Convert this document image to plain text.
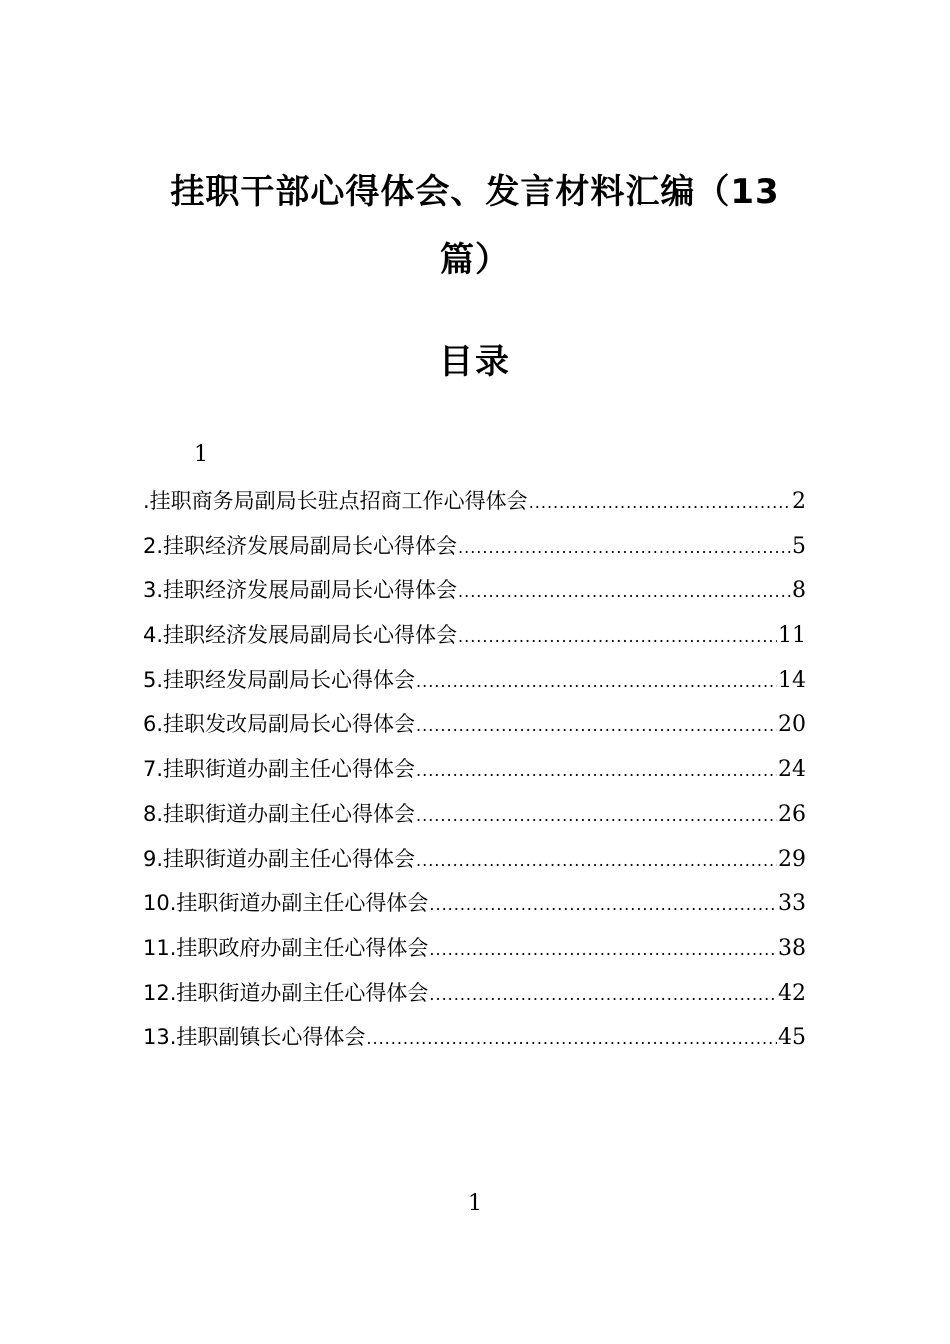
挂职干部心得体会、发言材料汇编（13
篇）
目录
1
.挂职商务局副局长驻点招商工作心得体会 .....	2
2.挂职经济发展局副局长心得体会 .....	5
3.挂职经济发展局副局长心得体会 .....	8
4.挂职经济发展局副局长心得体会 .....	11
5.挂职经发局副局长心得体会 .....	14
6.挂职发改局副局长心得体会 .....	20
7.挂职街道办副主任心得体会 .....	24
8.挂职街道办副主任心得体会 .....	26
9.挂职街道办副主任心得体会 .....	29
10.挂职街道办副主任心得体会 .....	33
11.挂职政府办副主任心得体会 .....	38
12.挂职街道办副主任心得体会 .....	42
13.挂职副镇长心得体会 .....	45
1
